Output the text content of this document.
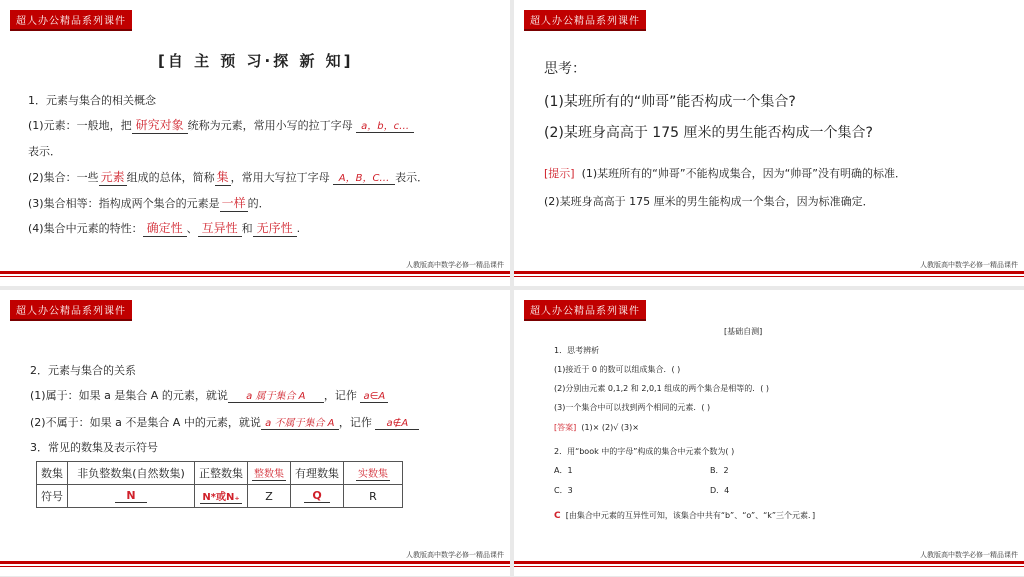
超人办公精品系列课件
[自 主 预 习·探 新 知]
1．元素与集合的相关概念
(1)元素：一般地，把 研究对象 统称为元素，常用小写的拉丁字母 a，b，c…
表示．
(2)集合：一些 元素 组成的总体，简称 集 ，常用大写拉丁字母 A，B，C… 表示．
(3)集合相等：指构成两个集合的元素是 一样 的．
(4)集合中元素的特性： 确定性 、 互异性 和 无序性 .
人教版高中数学必修一精品课件
超人办公精品系列课件
思考：
(1)某班所有的“帅哥”能否构成一个集合?
(2)某班身高高于 175 厘米的男生能否构成一个集合?
[提示] (1)某班所有的“帅哥”不能构成集合，因为“帅哥”没有明确的标准．
(2)某班身高高于 175 厘米的男生能构成一个集合，因为标准确定．
人教版高中数学必修一精品课件
超人办公精品系列课件
2．元素与集合的关系
(1)属于：如果 a 是集合 A 的元素，就说 a 属于集合 A ，记作 a∈A
(2)不属于：如果 a 不是集合 A 中的元素，就说 a 不属于集合 A ，记作 a∉A
3．常见的数集及表示符号
数集	非负整数集(自然数集)	正整数集	整数集	有理数集	实数集
符号	N	N*或N₊	Z	Q	R
人教版高中数学必修一精品课件
超人办公精品系列课件
[基础自测]
1．思考辨析
(1)接近于 0 的数可以组成集合．( )
(2)分别由元素 0,1,2 和 2,0,1 组成的两个集合是相等的．( )
(3)一个集合中可以找到两个相同的元素．( )
[答案] (1)× (2)√ (3)×
2．用“book 中的字母”构成的集合中元素个数为( )
A．1	B．2
C．3	D．4
C [由集合中元素的互异性可知，该集合中共有“b”、“o”、“k”三个元素．]
人教版高中数学必修一精品课件
